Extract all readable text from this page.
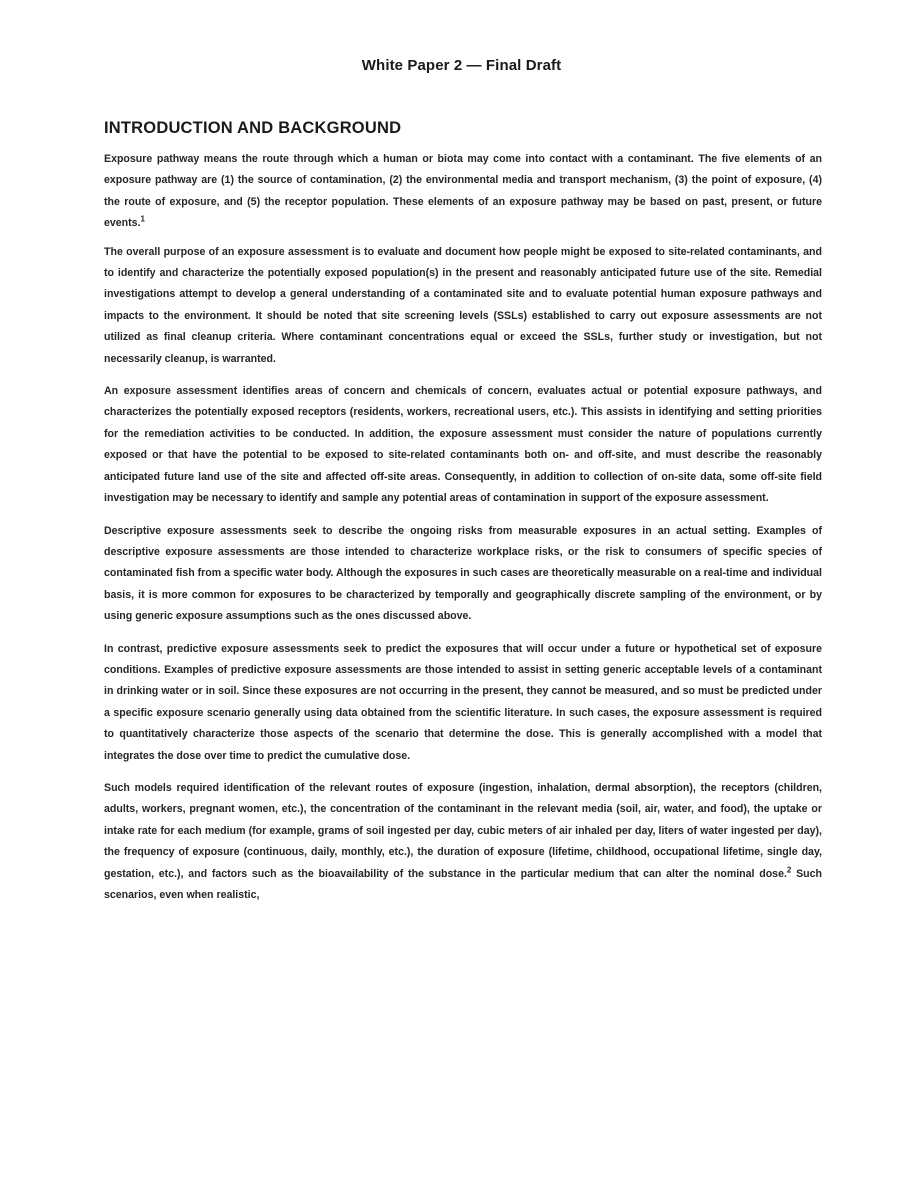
White Paper 2 — Final Draft
INTRODUCTION AND BACKGROUND

Exposure pathway means the route through which a human or biota may come into contact with a contaminant. The five elements of an exposure pathway are (1) the source of contamination, (2) the environmental media and transport mechanism, (3) the point of exposure, (4) the route of exposure, and (5) the receptor population. These elements of an exposure pathway may be based on past, present, or future events.$^1$

The overall purpose of an exposure assessment is to evaluate and document how people might be exposed to site-related contaminants, and to identify and characterize the potentially exposed population(s) in the present and reasonably anticipated future use of the site. Remedial investigations attempt to develop a general understanding of a contaminated site and to evaluate potential human exposure pathways and impacts to the environment. It should be noted that site screening levels (SSLs) established to carry out exposure assessments are not utilized as final cleanup criteria. Where contaminant concentrations equal or exceed the SSLs, further study or investigation, but not necessarily cleanup, is warranted.

An exposure assessment identifies areas of concern and chemicals of concern, evaluates actual or potential exposure pathways, and characterizes the potentially exposed receptors (residents, workers, recreational users, etc.). This assists in identifying and setting priorities for the remediation activities to be conducted. In addition, the exposure assessment must consider the nature of populations currently exposed or that have the potential to be exposed to site-related contaminants both on- and off-site, and must describe the reasonably anticipated future land use of the site and affected off-site areas. Consequently, in addition to collection of on-site data, some off-site field investigation may be necessary to identify and sample any potential areas of contamination in support of the exposure assessment.

Descriptive exposure assessments seek to describe the ongoing risks from measurable exposures in an actual setting. Examples of descriptive exposure assessments are those intended to characterize workplace risks, or the risk to consumers of specific species of contaminated fish from a specific water body. Although the exposures in such cases are theoretically measurable on a real-time and individual basis, it is more common for exposures to be characterized by temporally and geographically discrete sampling of the environment, or by using generic exposure assumptions such as the ones discussed above.

In contrast, predictive exposure assessments seek to predict the exposures that will occur under a future or hypothetical set of exposure conditions. Examples of predictive exposure assessments are those intended to assist in setting generic acceptable levels of a contaminant in drinking water or in soil. Since these exposures are not occurring in the present, they cannot be measured, and so must be predicted under a specific exposure scenario generally using data obtained from the scientific literature. In such cases, the exposure assessment is required to quantitatively characterize those aspects of the scenario that determine the dose. This is generally accomplished with a model that integrates the dose over time to predict the cumulative dose.

Such models required identification of the relevant routes of exposure (ingestion, inhalation, dermal absorption), the receptors (children, adults, workers, pregnant women, etc.), the concentration of the contaminant in the relevant media (soil, air, water, and food), the uptake or intake rate for each medium (for example, grams of soil ingested per day, cubic meters of air inhaled per day, liters of water ingested per day), the frequency of exposure (continuous, daily, monthly, etc.), the duration of exposure (lifetime, childhood, occupational lifetime, single day, gestation, etc.), and factors such as the bioavailability of the substance in the particular medium that can alter the nominal dose.$^2$ Such scenarios, even when realistic,
